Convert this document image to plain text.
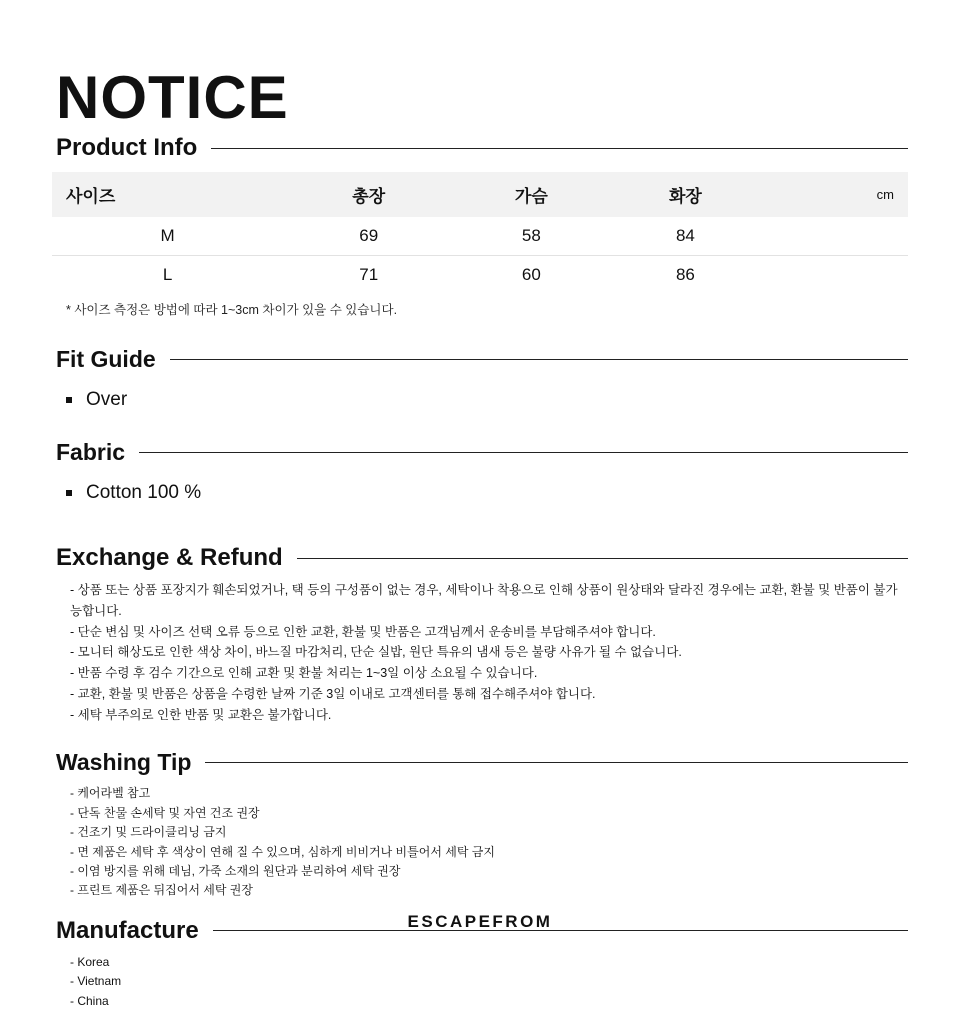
NOTICE
Product Info
사이즈	총장	가슴	화장	cm
M	69	58	84	
L	71	60	86	
* 사이즈 측정은 방법에 따라 1~3cm 차이가 있을 수 있습니다.
Fit Guide
Over
Fabric
Cotton 100 %
Exchange & Refund
- 상품 또는 상품 포장지가 훼손되었거나, 택 등의 구성품이 없는 경우, 세탁이나 착용으로 인해 상품이 원상태와 달라진 경우에는 교환, 환불 및 반품이 불가능합니다.
- 단순 변심 및 사이즈 선택 오류 등으로 인한 교환, 환불 및 반품은 고객님께서 운송비를 부담해주셔야 합니다.
- 모니터 해상도로 인한 색상 차이, 바느질 마감처리, 단순 실밥, 원단 특유의 냄새 등은 불량 사유가 될 수 없습니다.
- 반품 수령 후 검수 기간으로 인해 교환 및 환불 처리는 1~3일 이상 소요될 수 있습니다.
- 교환, 환불 및 반품은 상품을 수령한 날짜 기준 3일 이내로 고객센터를 통해 접수해주셔야 합니다.
- 세탁 부주의로 인한 반품 및 교환은 불가합니다.
Washing Tip
- 케어라벨 참고
- 단독 찬물 손세탁 및 자연 건조 권장
- 건조기 및 드라이클리닝 금지
- 면 제품은 세탁 후 색상이 연해 질 수 있으며, 심하게 비비거나 비틀어서 세탁 금지
- 이염 방지를 위해 데님, 가죽 소재의 원단과 분리하여 세탁 권장
- 프린트 제품은 뒤집어서 세탁 권장
Manufacture
- Korea
- Vietnam
- China
ESCAPEFROM
